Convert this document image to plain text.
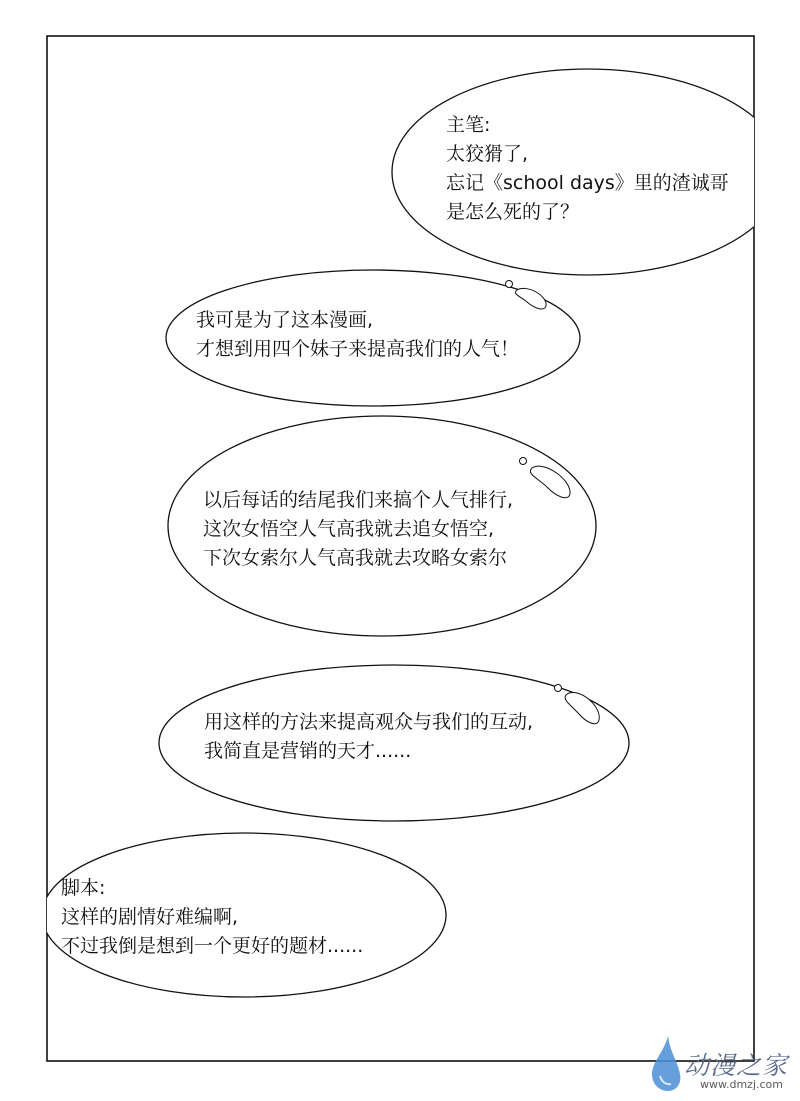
主笔:
太狡猾了,
忘记《school days》里的渣诚哥
是怎么死的了？
我可是为了这本漫画,
才想到用四个妹子来提高我们的人气！
以后每话的结尾我们来搞个人气排行,
这次女悟空人气高我就去追女悟空,
下次女索尔人气高我就去攻略女索尔
用这样的方法来提高观众与我们的互动,
我简直是营销的天才......
脚本:
这样的剧情好难编啊,
不过我倒是想到一个更好的题材......
动漫之家
www.dmzj.com
